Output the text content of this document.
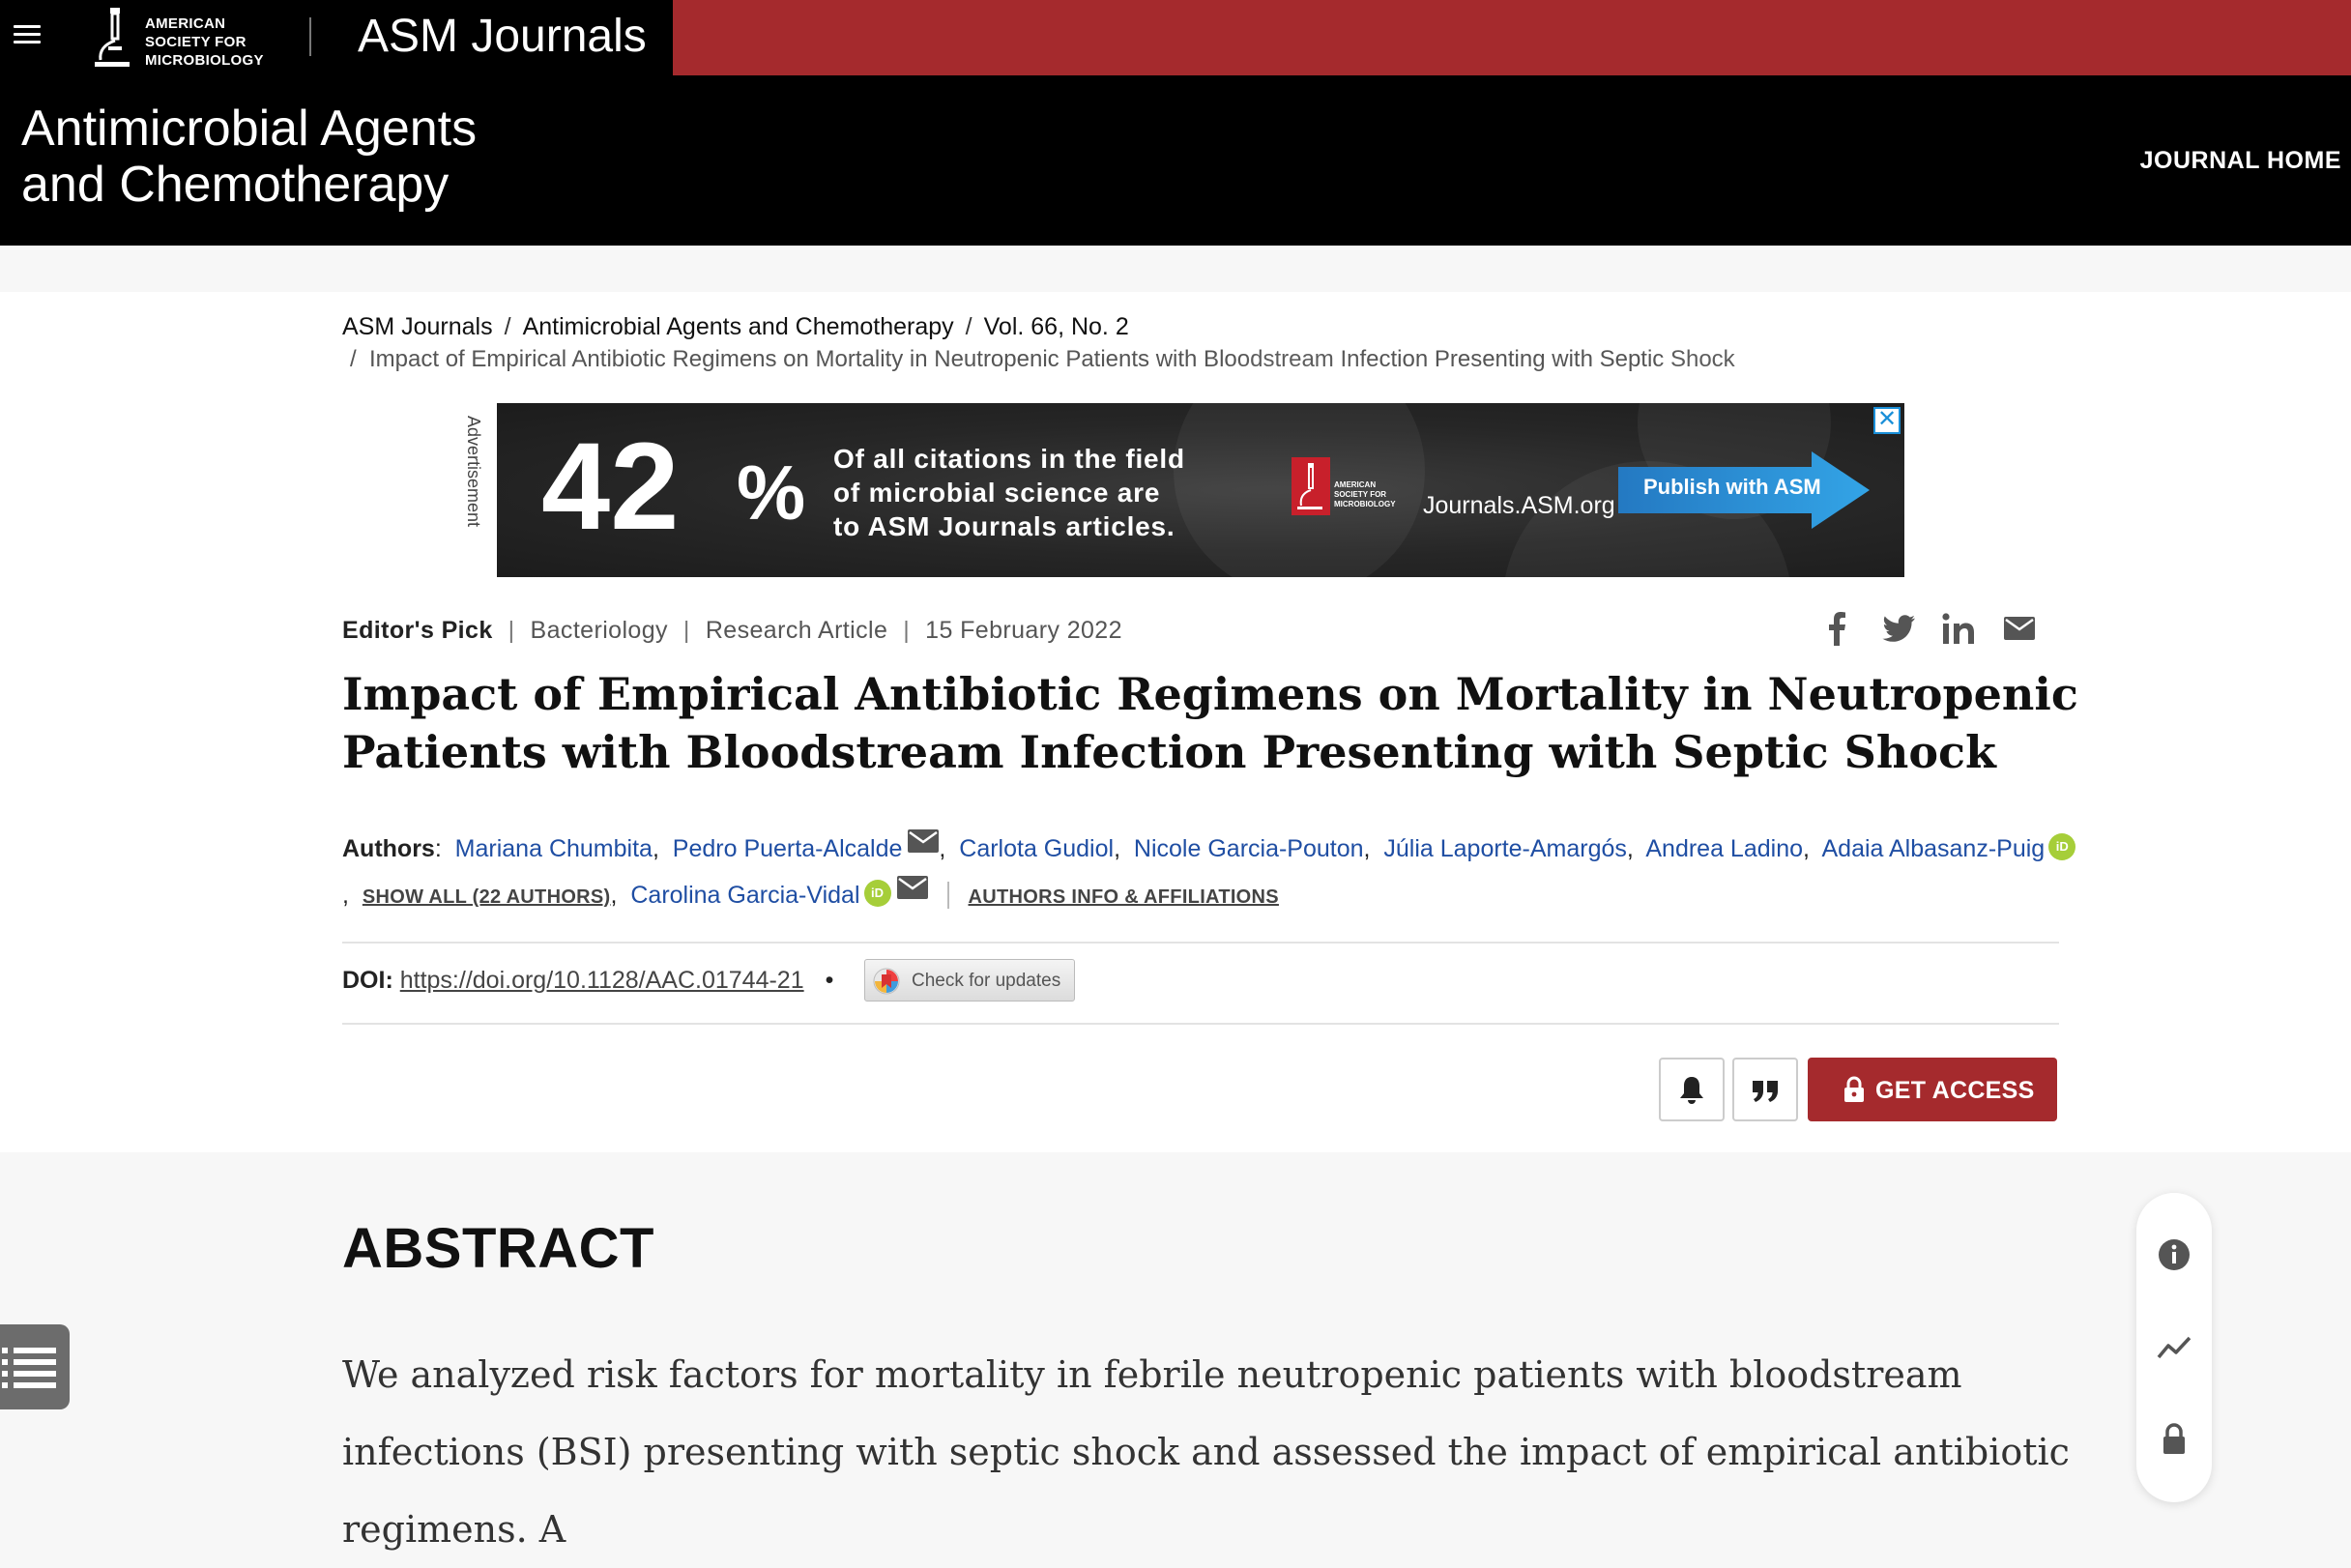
AMERICAN
SOCIETY FOR
MICROBIOLOGY ASM Journals
Antimicrobial Agents
and Chemotherapy	JOURNAL HOME
ASM Journals / Antimicrobial Agents and Chemotherapy / Vol. 66, No. 2
/ Impact of Empirical Antibiotic Regimens on Mortality in Neutropenic Patients with Bloodstream Infection Presenting with Septic Shock
Advertisement 42 % Of all citations in the field
of microbial science are
to ASM Journals articles.
AMERICAN
SOCIETY FOR
MICROBIOLOGY Journals.ASM.org
Publish with ASM
✕
Editor's Pick | Bacteriology | Research Article | 15 February 2022
Impact of Empirical Antibiotic Regimens on Mortality in Neutropenic Patients with Bloodstream Infection Presenting with Septic Shock
Authors:  Mariana Chumbita,  Pedro Puerta-Alcalde ,  Carlota Gudiol,  Nicole Garcia-Pouton,  Júlia Laporte-Amargós,  Andrea Ladino,  Adaia Albasanz-Puig iD,  SHOW ALL (22 AUTHORS),  Carolina Garcia-Vidal iD	AUTHORS INFO & AFFILIATIONS
DOI: https://doi.org/10.1128/AAC.01744-21 •	Check for updates
GET ACCESS
ABSTRACT

We analyzed risk factors for mortality in febrile neutropenic patients with bloodstream infections (BSI) presenting with septic shock and assessed the impact of empirical antibiotic regimens. A
